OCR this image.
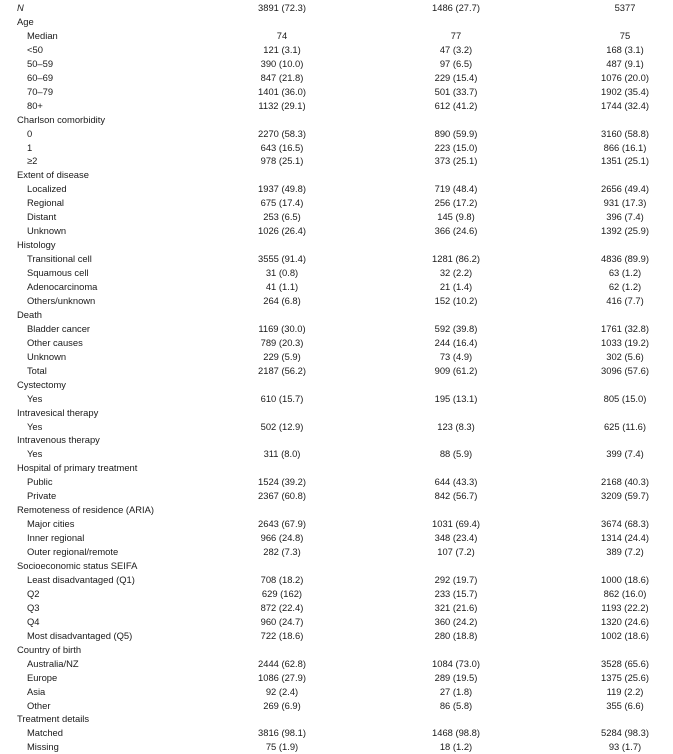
N	3891 (72.3)	1486 (27.7)	5377
Age
Median	74	77	75
<50	121 (3.1)	47 (3.2)	168 (3.1)
50–59	390 (10.0)	97 (6.5)	487 (9.1)
60–69	847 (21.8)	229 (15.4)	1076 (20.0)
70–79	1401 (36.0)	501 (33.7)	1902 (35.4)
80+	1132 (29.1)	612 (41.2)	1744 (32.4)
Charlson comorbidity
0	2270 (58.3)	890 (59.9)	3160 (58.8)
1	643 (16.5)	223 (15.0)	866 (16.1)
≥2	978 (25.1)	373 (25.1)	1351 (25.1)
Extent of disease
Localized	1937 (49.8)	719 (48.4)	2656 (49.4)
Regional	675 (17.4)	256 (17.2)	931 (17.3)
Distant	253 (6.5)	145 (9.8)	396 (7.4)
Unknown	1026 (26.4)	366 (24.6)	1392 (25.9)
Histology
Transitional cell	3555 (91.4)	1281 (86.2)	4836 (89.9)
Squamous cell	31 (0.8)	32 (2.2)	63 (1.2)
Adenocarcinoma	41 (1.1)	21 (1.4)	62 (1.2)
Others/unknown	264 (6.8)	152 (10.2)	416 (7.7)
Death
Bladder cancer	1169 (30.0)	592 (39.8)	1761 (32.8)
Other causes	789 (20.3)	244 (16.4)	1033 (19.2)
Unknown	229 (5.9)	73 (4.9)	302 (5.6)
Total	2187 (56.2)	909 (61.2)	3096 (57.6)
Cystectomy
Yes	610 (15.7)	195 (13.1)	805 (15.0)
Intravesical therapy
Yes	502 (12.9)	123 (8.3)	625 (11.6)
Intravenous therapy
Yes	311 (8.0)	88 (5.9)	399 (7.4)
Hospital of primary treatment
Public	1524 (39.2)	644 (43.3)	2168 (40.3)
Private	2367 (60.8)	842 (56.7)	3209 (59.7)
Remoteness of residence (ARIA)
Major cities	2643 (67.9)	1031 (69.4)	3674 (68.3)
Inner regional	966 (24.8)	348 (23.4)	1314 (24.4)
Outer regional/remote	282 (7.3)	107 (7.2)	389 (7.2)
Socioeconomic status SEIFA
Least disadvantaged (Q1)	708 (18.2)	292 (19.7)	1000 (18.6)
Q2	629 (162)	233 (15.7)	862 (16.0)
Q3	872 (22.4)	321 (21.6)	1193 (22.2)
Q4	960 (24.7)	360 (24.2)	1320 (24.6)
Most disadvantaged (Q5)	722 (18.6)	280 (18.8)	1002 (18.6)
Country of birth
Australia/NZ	2444 (62.8)	1084 (73.0)	3528 (65.6)
Europe	1086 (27.9)	289 (19.5)	1375 (25.6)
Asia	92 (2.4)	27 (1.8)	119 (2.2)
Other	269 (6.9)	86 (5.8)	355 (6.6)
Treatment details
Matched	3816 (98.1)	1468 (98.8)	5284 (98.3)
Missing	75 (1.9)	18 (1.2)	93 (1.7)
